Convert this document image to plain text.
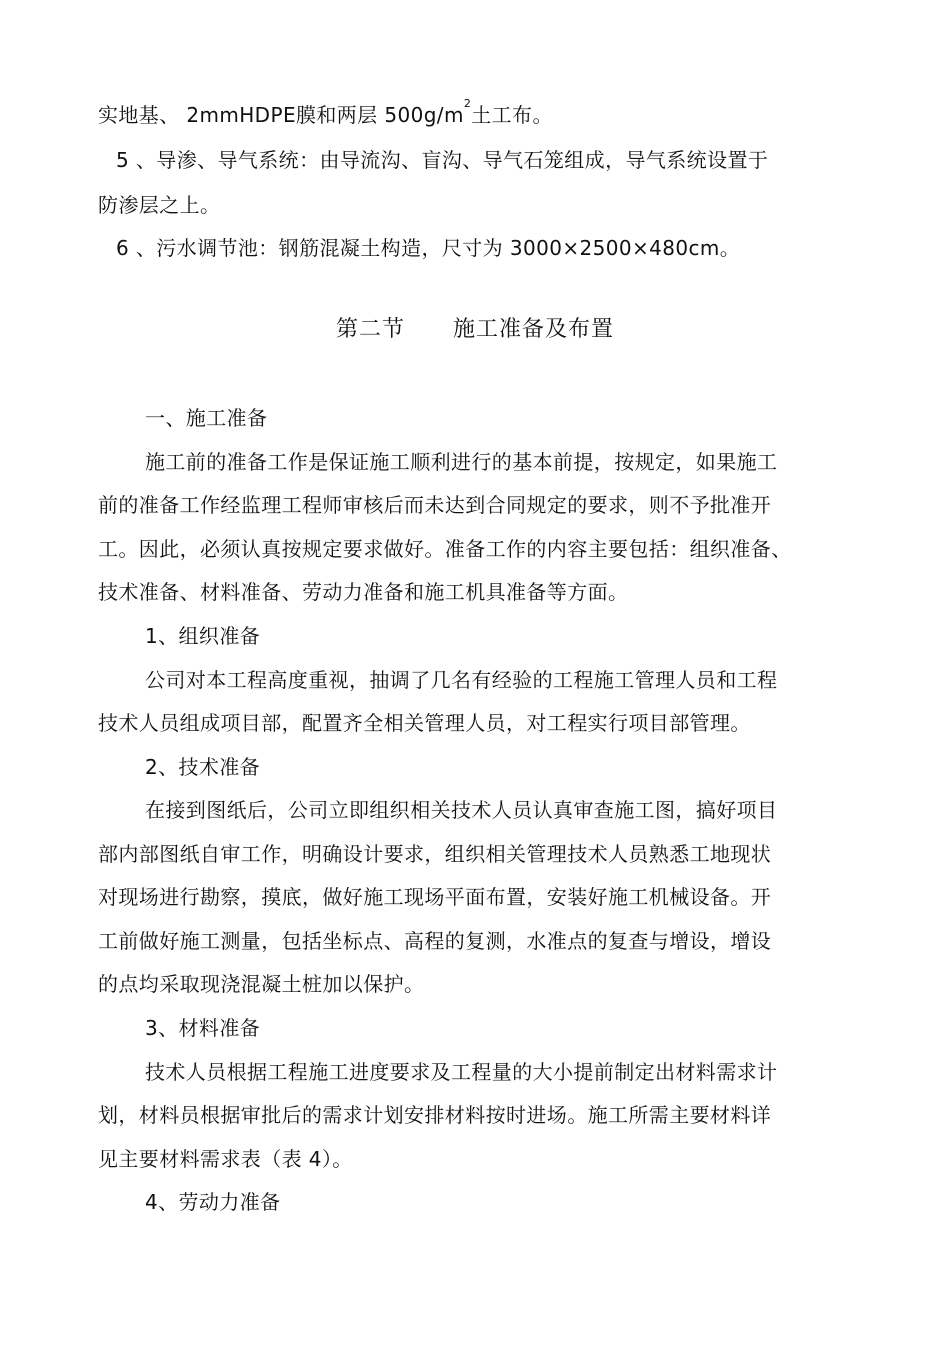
实地基、 2mmHDPE膜和两层 $500g/m^2$土工布。
5 、导渗、导气系统：由导流沟、盲沟、导气石笼组成，导气系统设置于
防渗层之上。
6 、污水调节池：钢筋混凝土构造，尺寸为 3000×2500×480cm。
第二节      施工准备及布置
一、施工准备
施工前的准备工作是保证施工顺利进行的基本前提，按规定，如果施工
前的准备工作经监理工程师审核后而未达到合同规定的要求，则不予批准开
工。因此，必须认真按规定要求做好。准备工作的内容主要包括：组织准备、
技术准备、材料准备、劳动力准备和施工机具准备等方面。
1、组织准备
公司对本工程高度重视，抽调了几名有经验的工程施工管理人员和工程
技术人员组成项目部，配置齐全相关管理人员，对工程实行项目部管理。
2、技术准备
在接到图纸后，公司立即组织相关技术人员认真审查施工图，搞好项目
部内部图纸自审工作，明确设计要求，组织相关管理技术人员熟悉工地现状
对现场进行勘察，摸底，做好施工现场平面布置，安装好施工机械设备。开
工前做好施工测量，包括坐标点、高程的复测，水准点的复查与增设，增设
的点均采取现浇混凝土桩加以保护。
3、材料准备
技术人员根据工程施工进度要求及工程量的大小提前制定出材料需求计
划，材料员根据审批后的需求计划安排材料按时进场。施工所需主要材料详
见主要材料需求表（表 4）。
4、劳动力准备
